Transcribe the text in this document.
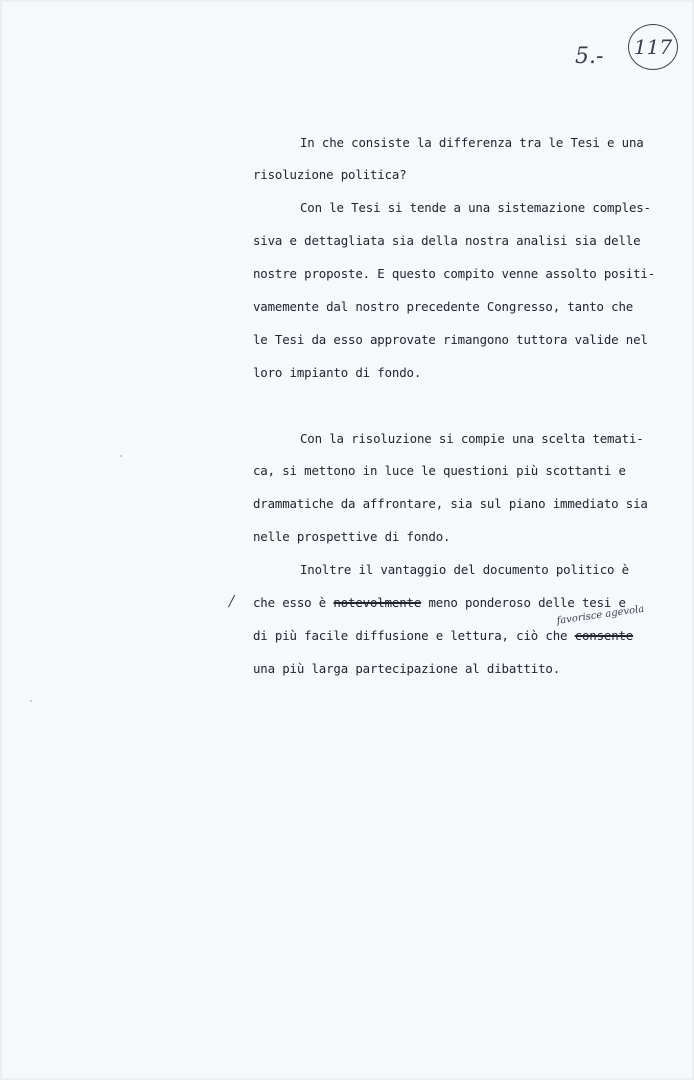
5.- 117
In che consiste la differenza tra le Tesi e una
risoluzione politica?
Con le Tesi si tende a una sistemazione comples-
siva e dettagliata sia della nostra analisi sia delle
nostre proposte. E questo compito venne assolto positi-
vamemente dal nostro precedente Congresso, tanto che
le Tesi da esso approvate rimangono tuttora valide nel
loro impianto di fondo.
Con la risoluzione si compie una scelta temati-
ca, si mettono in luce le questioni più scottanti e
drammatiche da affrontare, sia sul piano immediato sia
nelle prospettive di fondo.
Inoltre il vantaggio del documento politico è
/ che esso è notevolmente meno ponderoso delle tesi e
favorisce agevola
di più facile diffusione e lettura, ciò che consente
una più larga partecipazione al dibattito.
